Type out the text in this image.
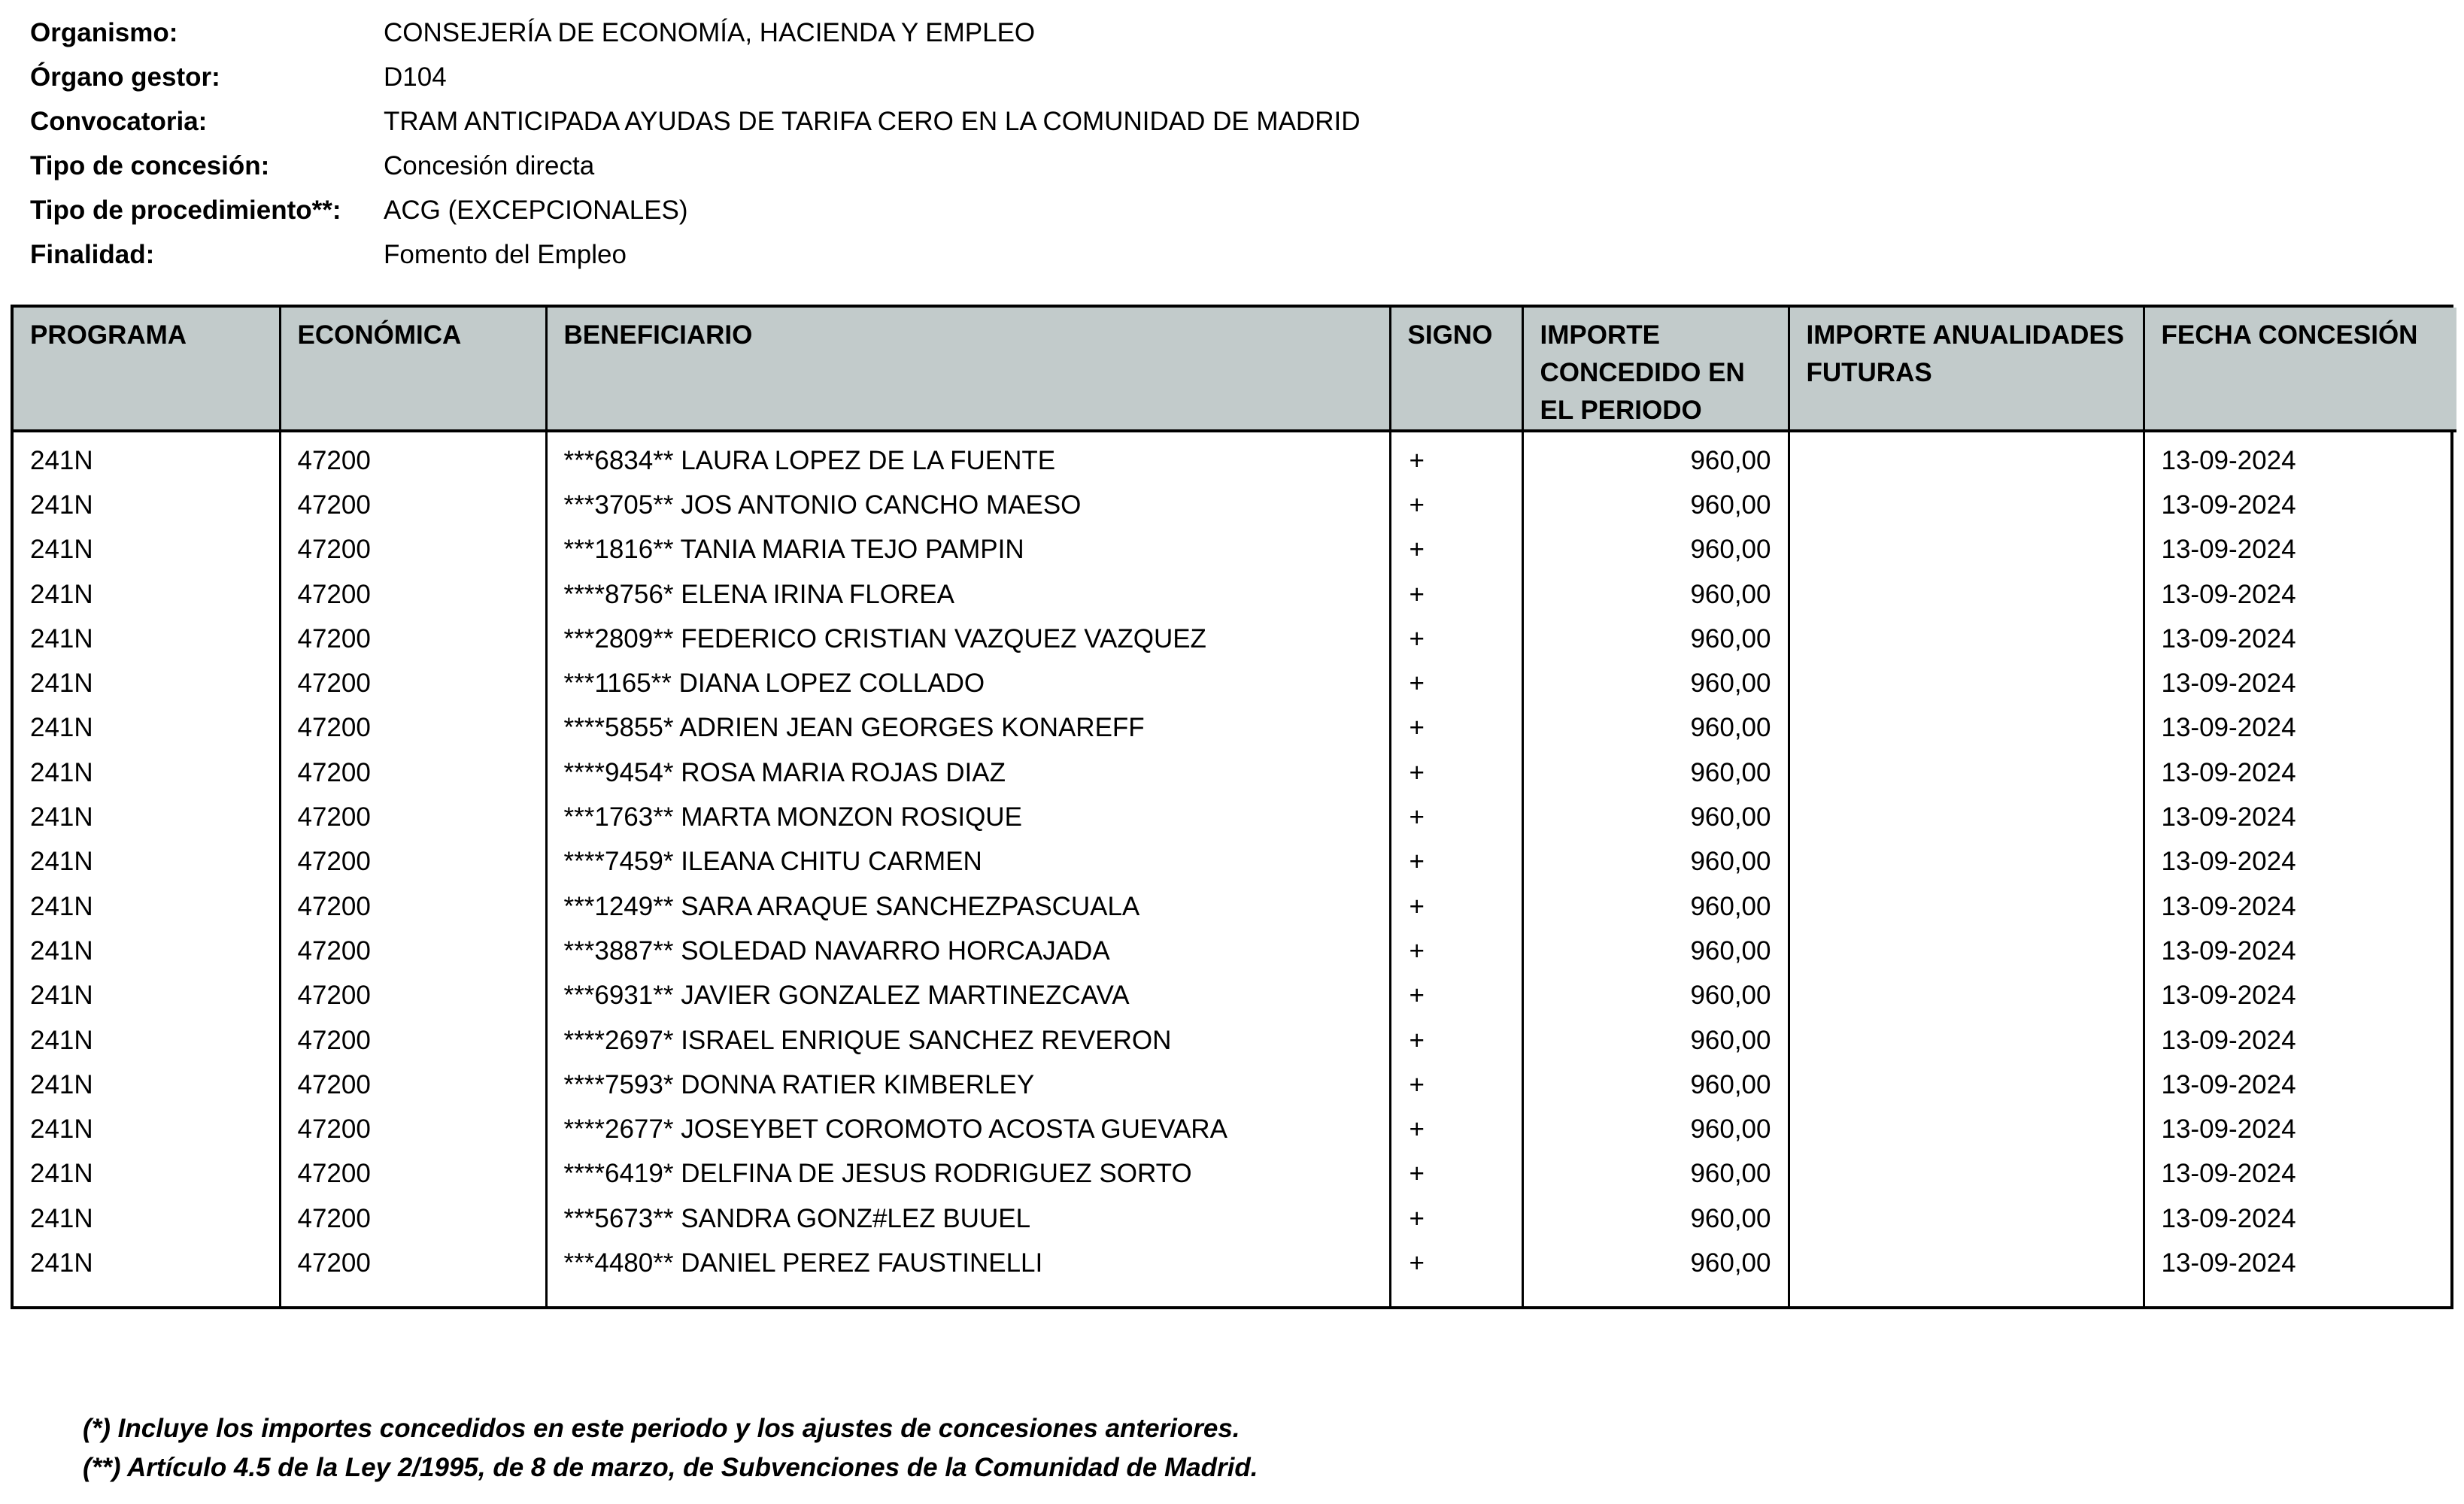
Organismo:	CONSEJERÍA DE ECONOMÍA, HACIENDA Y EMPLEO
Órgano gestor:	D104
Convocatoria:	TRAM ANTICIPADA AYUDAS DE TARIFA CERO EN LA COMUNIDAD DE MADRID
Tipo de concesión:	Concesión directa
Tipo de procedimiento**:	ACG (EXCEPCIONALES)
Finalidad:	Fomento del Empleo
PROGRAMA	ECONÓMICA	BENEFICIARIO	SIGNO	IMPORTE CONCEDIDO EN EL PERIODO	IMPORTE ANUALIDADES FUTURAS	FECHA CONCESIÓN
241N	47200	***6834** LAURA LOPEZ DE LA FUENTE	+	960,00		13-09-2024
241N	47200	***3705** JOS ANTONIO CANCHO MAESO	+	960,00		13-09-2024
241N	47200	***1816** TANIA MARIA TEJO PAMPIN	+	960,00		13-09-2024
241N	47200	****8756* ELENA IRINA FLOREA	+	960,00		13-09-2024
241N	47200	***2809** FEDERICO CRISTIAN VAZQUEZ VAZQUEZ	+	960,00		13-09-2024
241N	47200	***1165** DIANA LOPEZ COLLADO	+	960,00		13-09-2024
241N	47200	****5855* ADRIEN JEAN GEORGES KONAREFF	+	960,00		13-09-2024
241N	47200	****9454* ROSA MARIA ROJAS DIAZ	+	960,00		13-09-2024
241N	47200	***1763** MARTA MONZON ROSIQUE	+	960,00		13-09-2024
241N	47200	****7459* ILEANA CHITU CARMEN	+	960,00		13-09-2024
241N	47200	***1249** SARA ARAQUE SANCHEZPASCUALA	+	960,00		13-09-2024
241N	47200	***3887** SOLEDAD NAVARRO HORCAJADA	+	960,00		13-09-2024
241N	47200	***6931** JAVIER GONZALEZ MARTINEZCAVA	+	960,00		13-09-2024
241N	47200	****2697* ISRAEL ENRIQUE SANCHEZ REVERON	+	960,00		13-09-2024
241N	47200	****7593* DONNA RATIER KIMBERLEY	+	960,00		13-09-2024
241N	47200	****2677* JOSEYBET COROMOTO ACOSTA GUEVARA	+	960,00		13-09-2024
241N	47200	****6419* DELFINA DE JESUS RODRIGUEZ SORTO	+	960,00		13-09-2024
241N	47200	***5673** SANDRA GONZ#LEZ BUUEL	+	960,00		13-09-2024
241N	47200	***4480** DANIEL PEREZ FAUSTINELLI	+	960,00		13-09-2024

(*) Incluye los importes concedidos en este periodo y los ajustes de concesiones anteriores.
(**) Artículo 4.5 de la Ley 2/1995, de 8 de marzo, de Subvenciones de la Comunidad de Madrid.
